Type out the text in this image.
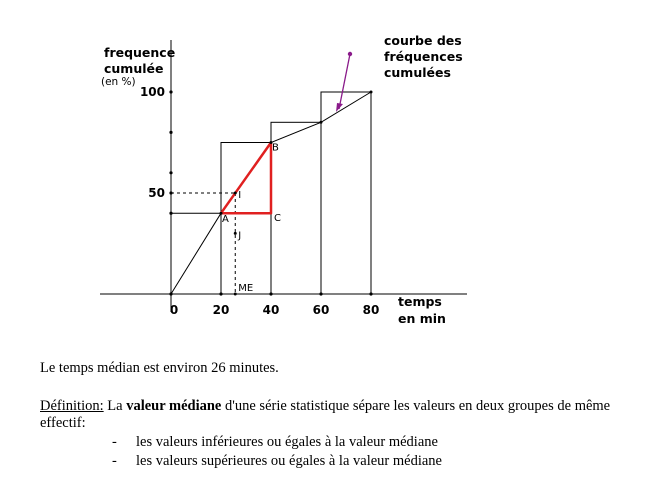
0	20	40	60	80
50
100
frequence
cumulée
(en %)
temps
en min
courbe des
fréquences
cumulées
A
B
C
I
J
ME
Le temps médian est environ 26 minutes.
Définition: La valeur médiane d'une série statistique sépare les valeurs en deux groupes de même effectif:
- les valeurs inférieures ou égales à la valeur médiane
- les valeurs supérieures ou égales à la valeur médiane
